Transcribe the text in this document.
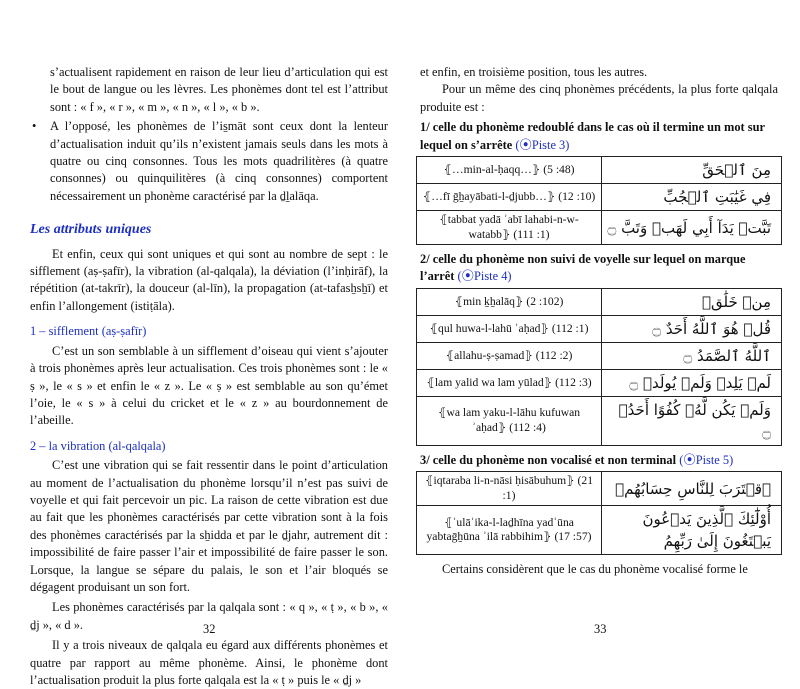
s’actualisent rapidement en raison de leur lieu d’articulation qui est le bout de langue ou les lèvres. Les phonèmes dont tel est l’attribut sont : « f », « r », « m », « n », « l », « b ».

• A l’opposé, les phonèmes de l’is̱māt sont ceux dont la lenteur d’actualisation induit qu’ils n’existent jamais seuls dans les mots à quatre ou cinq consonnes. Tous les mots quadrilitères (à quatre consonnes) ou quinquilitères (à cinq consonnes) comportent nécessairement un phonème caractérisé par la ḏḻalāqa.

Les attributs uniques

Et enfin, ceux qui sont uniques et qui sont au nombre de sept : le sifflement (aṣ-ṣafīr), la vibration (al-qalqala), la déviation (l’inḥirāf), la répétition (at-takrīr), la douceur (al-līn), la propagation (at-tafasẖsẖī) et enfin l’allongement (istiṭāla).

1 – sifflement (aṣ-ṣafīr)

C’est un son semblable à un sifflement d’oiseau qui vient s’ajouter à trois phonèmes après leur actualisation. Ces trois phonèmes sont : le « ṣ », le « s » et enfin le « z ». Le « ṣ » est semblable au son qu’émet l’oie, le « s » à celui du cricket et le « z » au bourdonnement de l’abeille.

2 – la vibration (al-qalqala)

C’est une vibration qui se fait ressentir dans le point d’articulation au moment de l’actualisation du phonème lorsqu’il n’est pas suivi de voyelle et qui fait percevoir un pic. La raison de cette vibration est due au fait que les phonèmes caractérisés par cette vibration sont à la fois des phonèmes caractérisés par la sẖidda et par le ḏjahr, autrement dit : impossibilité de faire passer l’air et impossibilité de faire passer le son. Lorsque, la langue se sépare du palais, le son et l’air bloqués se dégagent produisant un son fort.

Les phonèmes caractérisés par la qalqala sont : « q », « ṭ », « b », « ḏj », « d ».

Il y a trois niveaux de qalqala eu égard aux différents phonèmes et quatre par rapport au même phonème. Ainsi, le phonème dont l’actualisation produit la plus forte qalqala est la « ṭ » puis le « ḏj »

32

et enfin, en troisième position, tous les autres.

Pour un même des cinq phonèmes précédents, la plus forte qalqala produite est :

1/ celle du phonème redoublé dans le cas où il termine un mot sur lequel on s’arrête (⦿Piste 3)
⦃…min-al-ḥaqq…⦄ (5 :48)	مِنَ ٱلۡحَقِّ
⦃…fī ḡẖayābati-l-ḏjubb…⦄ (12 :10)	فِي غَيَٰبَتِ ٱلۡجُبِّ
⦃tabbat yadā ʾabī lahabi-n-w-watabb⦄ (111 :1)	تَبَّتۡ يَدَآ أَبِي لَهَبٖ وَتَبَّ ۝
2/ celle du phonème non suivi de voyelle sur lequel on marque l’arrêt (⦿Piste 4)
⦃min ḵẖalāq⦄ (2 :102)	مِنۡ خَلَٰقٖ
⦃qul huwa-l-lahū ʾaḥad⦄ (112 :1)	قُلۡ هُوَ ٱللَّهُ أَحَدٌ ۝
⦃allahu-ṣ-ṣamad⦄ (112 :2)	ٱللَّهُ ٱلصَّمَدُ ۝
⦃lam yalid wa lam yūlad⦄ (112 :3)	لَمۡ يَلِدۡ وَلَمۡ يُولَدۡ ۝
⦃wa lam yaku-l-lāhu kufuwan ʾaḥad⦄ (112 :4)	وَلَمۡ يَكُن لَّهُۥ كُفُوًا أَحَدُۢ ۝
3/ celle du phonème non vocalisé et non terminal (⦿Piste 5)
⦃iqtaraba li-n-nāsi ḥisābuhum⦄ (21 :1)	ٱقۡتَرَبَ لِلنَّاسِ حِسَابُهُمۡ
⦃ʾulāʾika-l-laḏhīna yadʿūna yabtaḡẖūna ʾilā rabbihim⦄ (17 :57)	أُوْلَٰٓئِكَ ٱلَّذِينَ يَدۡعُونَ يَبۡتَغُونَ إِلَىٰ رَبِّهِمُ

Certains considèrent que le cas du phonème vocalisé forme le

33
